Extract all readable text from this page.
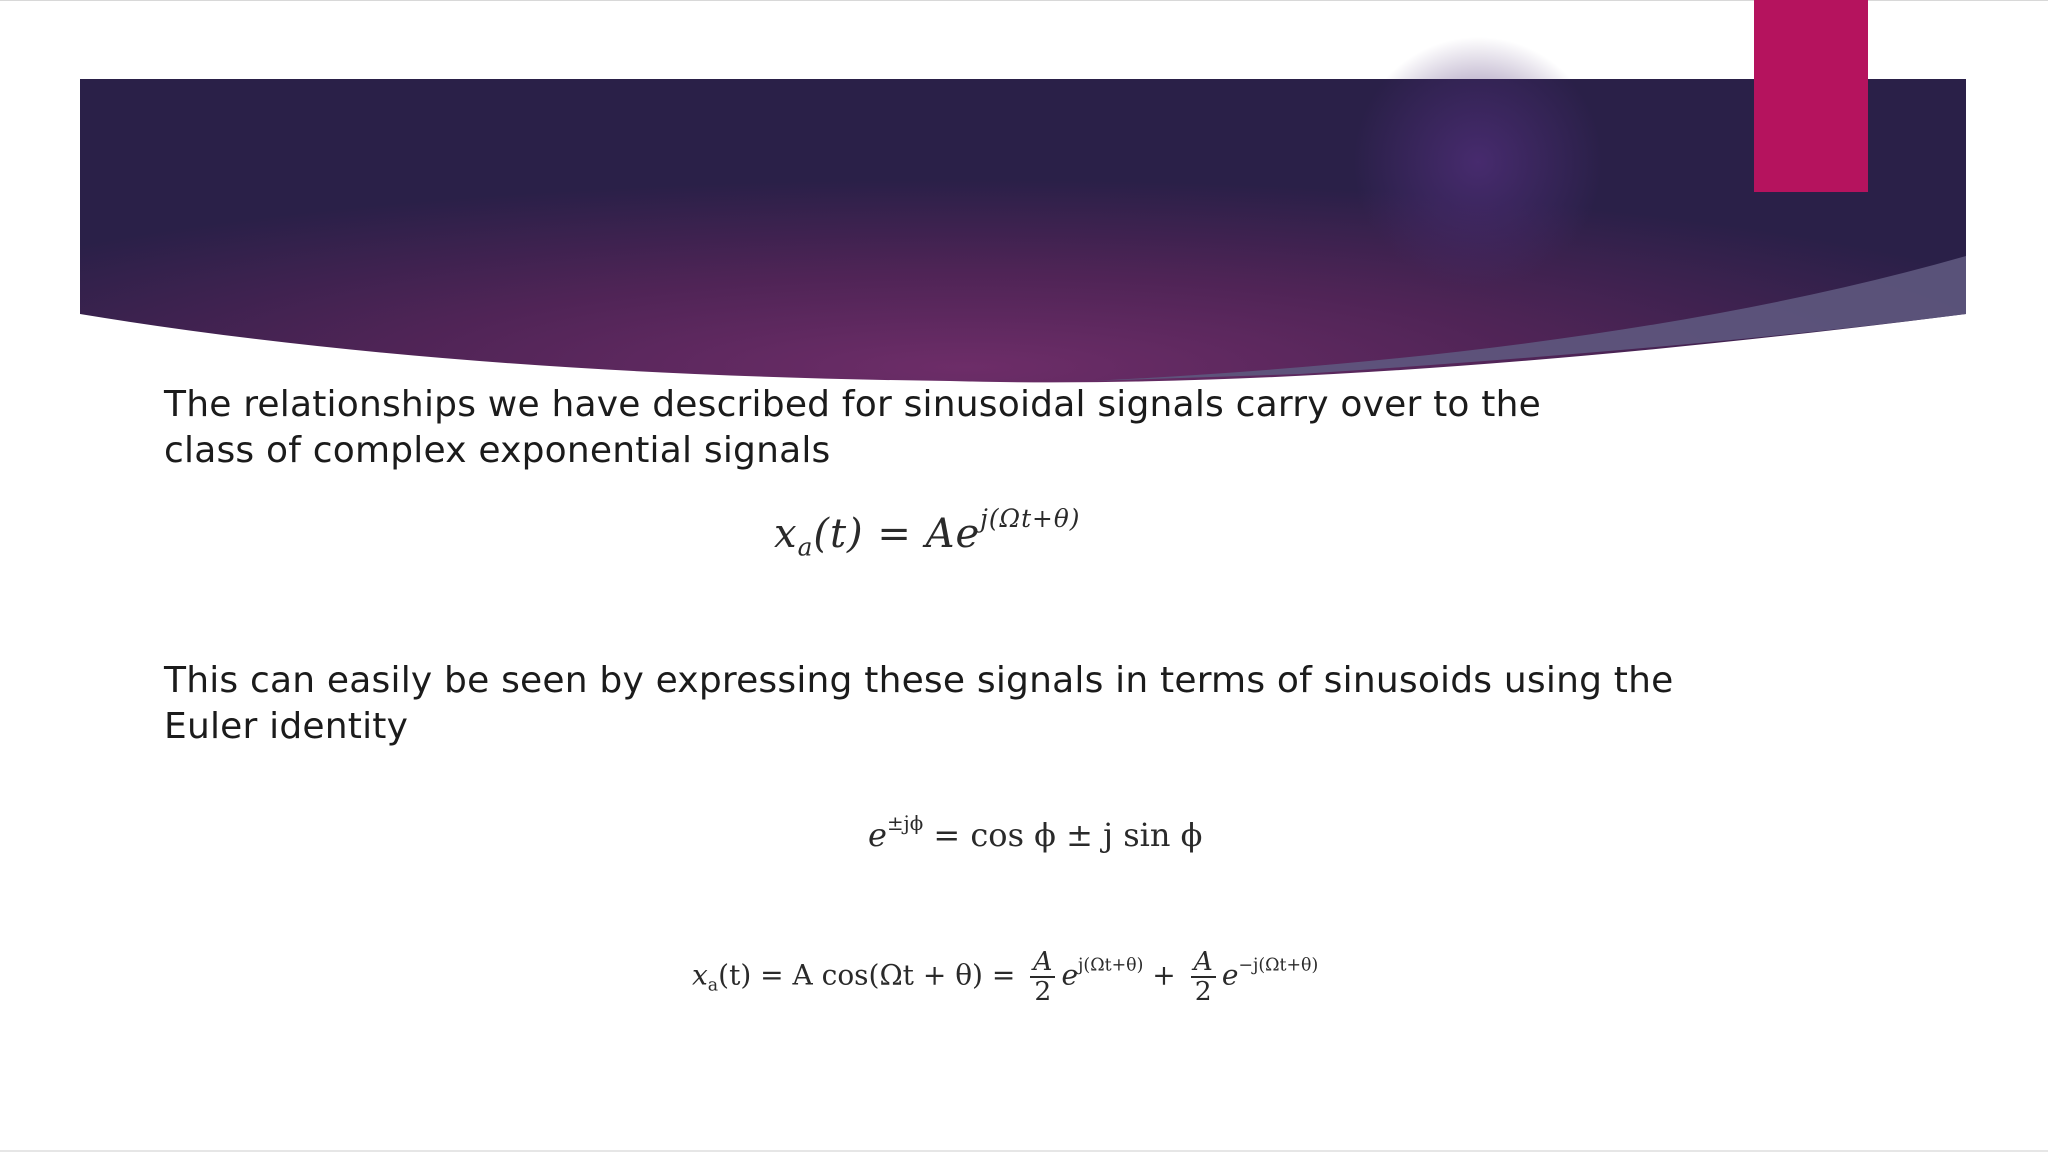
The relationships we have described for sinusoidal signals carry over to the
class of complex exponential signals
$x_a(t) = Ae^{j(\Omega t+\theta)}$
This can easily be seen by expressing these signals in terms of sinusoids using the
Euler identity
$e^{\pm j\phi} = \cos \phi \pm j$ sin ϕ
$x_a(t) = A$ $\cos(\Omega t + \theta) = \frac{A}{2} e^{j(\Omega t+\theta)} + \frac{A}{2} e^{-j(\Omega t+\theta)}$
